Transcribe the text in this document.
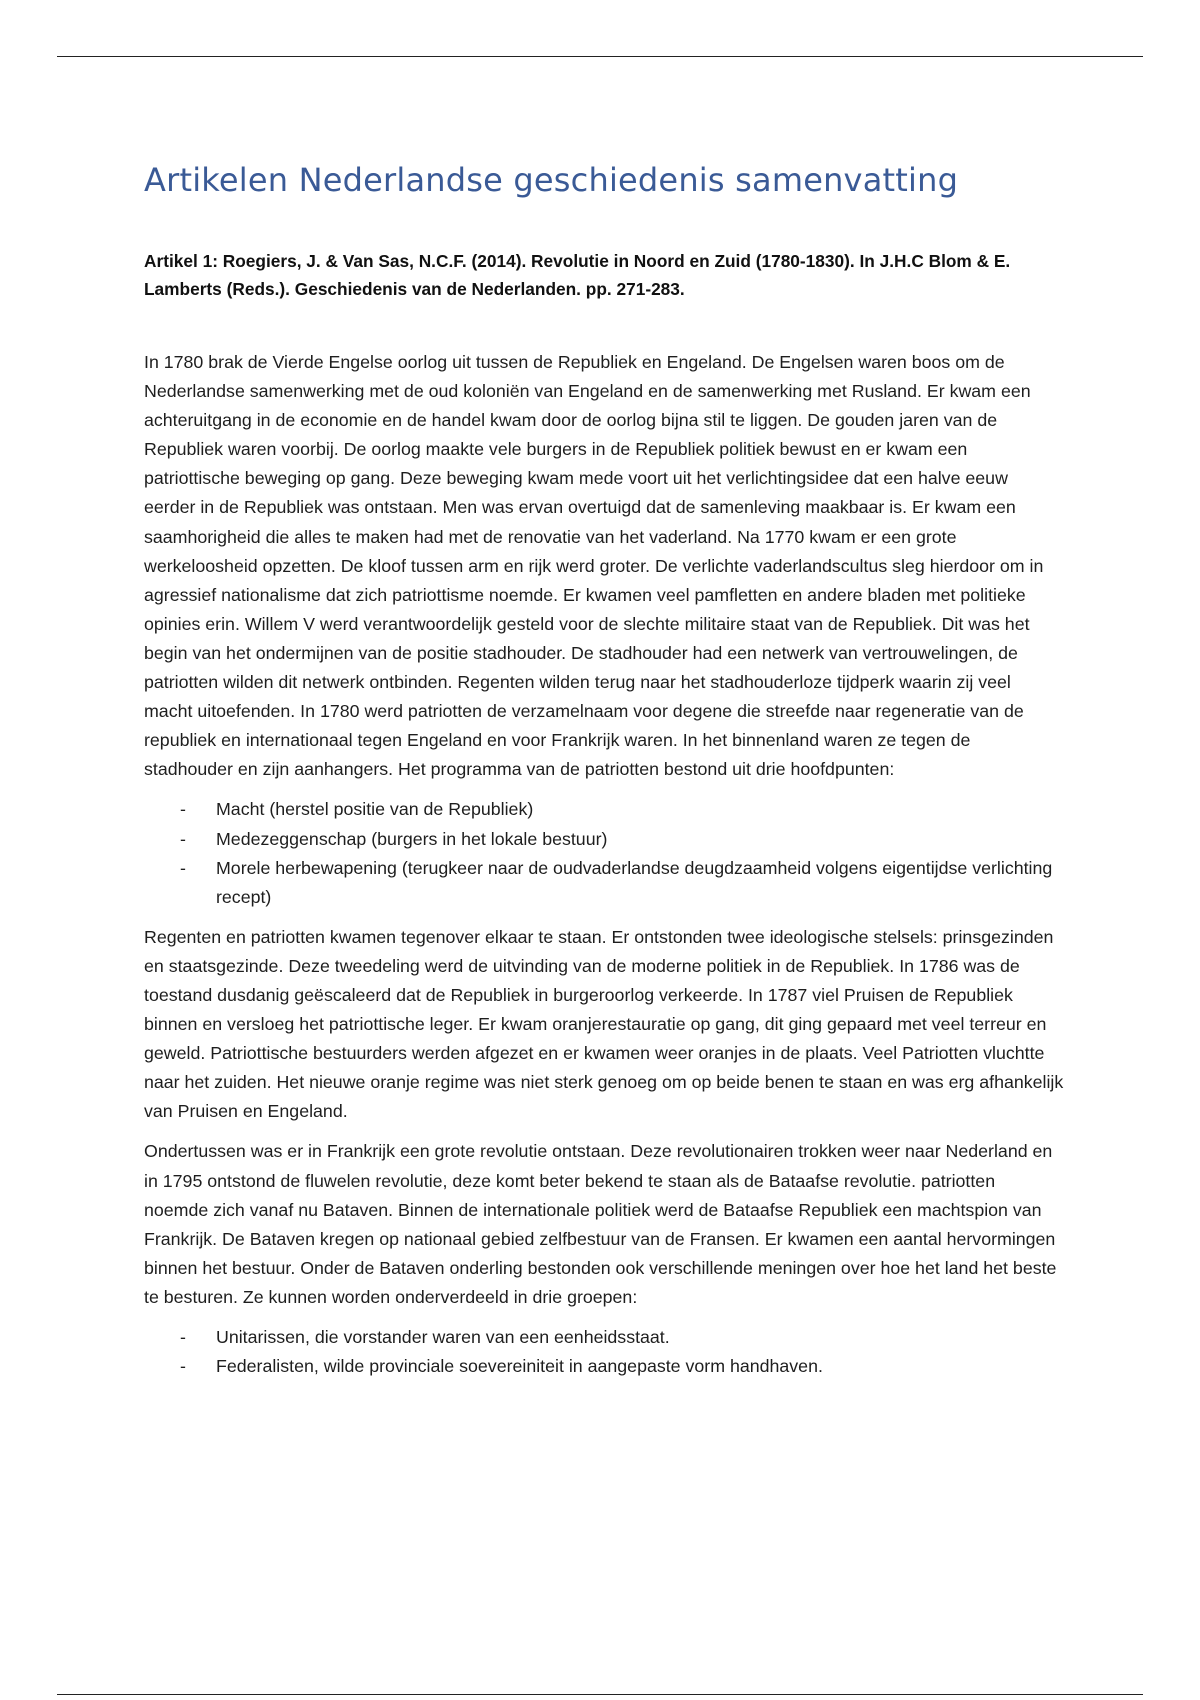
Artikelen Nederlandse geschiedenis samenvatting

Artikel 1: Roegiers, J. & Van Sas, N.C.F. (2014). Revolutie in Noord en Zuid (1780-1830). In J.H.C Blom & E. Lamberts (Reds.). Geschiedenis van de Nederlanden. pp. 271-283.

In 1780 brak de Vierde Engelse oorlog uit tussen de Republiek en Engeland. De Engelsen waren boos om de Nederlandse samenwerking met de oud koloniën van Engeland en de samenwerking met Rusland. Er kwam een achteruitgang in de economie en de handel kwam door de oorlog bijna stil te liggen. De gouden jaren van de Republiek waren voorbij. De oorlog maakte vele burgers in de Republiek politiek bewust en er kwam een patriottische beweging op gang. Deze beweging kwam mede voort uit het verlichtingsidee dat een halve eeuw eerder in de Republiek was ontstaan. Men was ervan overtuigd dat de samenleving maakbaar is. Er kwam een saamhorigheid die alles te maken had met de renovatie van het vaderland. Na 1770 kwam er een grote werkeloosheid opzetten. De kloof tussen arm en rijk werd groter. De verlichte vaderlandscultus sleg hierdoor om in agressief nationalisme dat zich patriottisme noemde. Er kwamen veel pamfletten en andere bladen met politieke opinies erin. Willem V werd verantwoordelijk gesteld voor de slechte militaire staat van de Republiek. Dit was het begin van het ondermijnen van de positie stadhouder. De stadhouder had een netwerk van vertrouwelingen, de patriotten wilden dit netwerk ontbinden. Regenten wilden terug naar het stadhouderloze tijdperk waarin zij veel macht uitoefenden. In 1780 werd patriotten de verzamelnaam voor degene die streefde naar regeneratie van de republiek en internationaal tegen Engeland en voor Frankrijk waren. In het binnenland waren ze tegen de stadhouder en zijn aanhangers. Het programma van de patriotten bestond uit drie hoofdpunten:

- Macht (herstel positie van de Republiek)
- Medezeggenschap (burgers in het lokale bestuur)
- Morele herbewapening (terugkeer naar de oudvaderlandse deugdzaamheid volgens eigentijdse verlichting recept)

Regenten en patriotten kwamen tegenover elkaar te staan. Er ontstonden twee ideologische stelsels: prinsgezinden en staatsgezinde. Deze tweedeling werd de uitvinding van de moderne politiek in de Republiek. In 1786 was de toestand dusdanig geëscaleerd dat de Republiek in burgeroorlog verkeerde. In 1787 viel Pruisen de Republiek binnen en versloeg het patriottische leger. Er kwam oranjerestauratie op gang, dit ging gepaard met veel terreur en geweld. Patriottische bestuurders werden afgezet en er kwamen weer oranjes in de plaats. Veel Patriotten vluchtte naar het zuiden. Het nieuwe oranje regime was niet sterk genoeg om op beide benen te staan en was erg afhankelijk van Pruisen en Engeland.

Ondertussen was er in Frankrijk een grote revolutie ontstaan. Deze revolutionairen trokken weer naar Nederland en in 1795 ontstond de fluwelen revolutie, deze komt beter bekend te staan als de Bataafse revolutie. patriotten noemde zich vanaf nu Bataven. Binnen de internationale politiek werd de Bataafse Republiek een machtspion van Frankrijk. De Bataven kregen op nationaal gebied zelfbestuur van de Fransen. Er kwamen een aantal hervormingen binnen het bestuur. Onder de Bataven onderling bestonden ook verschillende meningen over hoe het land het beste te besturen. Ze kunnen worden onderverdeeld in drie groepen:

- Unitarissen, die vorstander waren van een eenheidsstaat.
- Federalisten, wilde provinciale soevereiniteit in aangepaste vorm handhaven.
